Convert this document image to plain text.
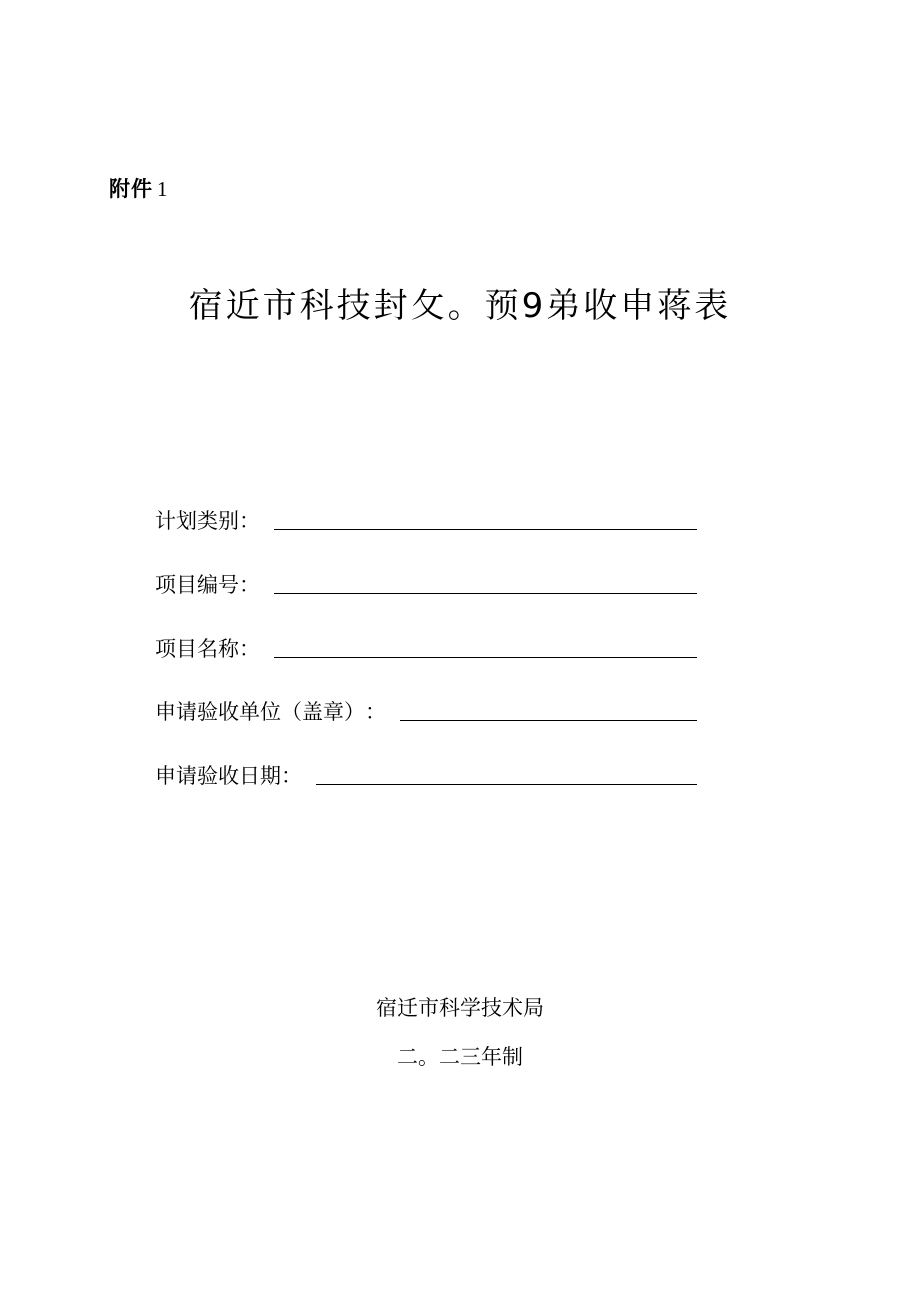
附件 1
宿近市科技封攵。预9弟收申蒋表
计划类别 ：
项目编号 ：
项目名称 ：
申请验收单位（盖章） ：
申请验收日期 ：
宿迁市科学技术局
二。二三年制
